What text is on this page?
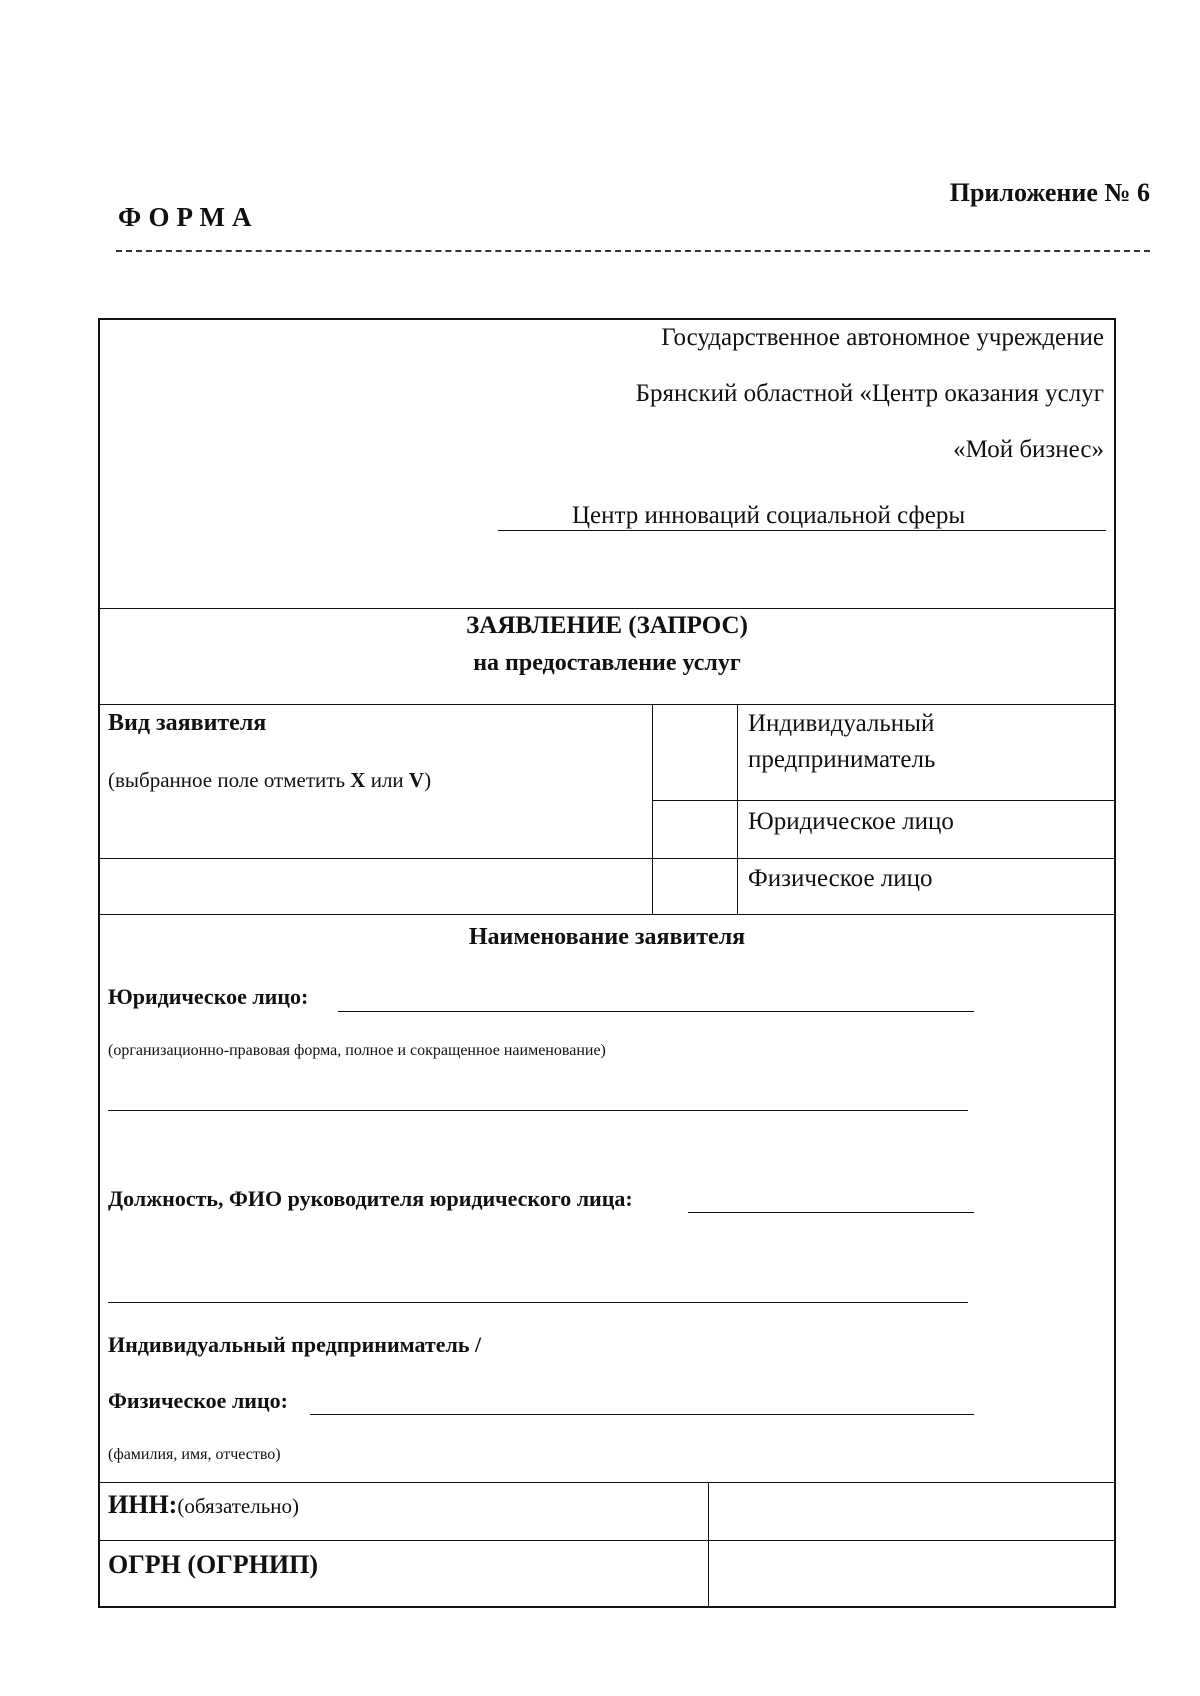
ФОРМА
Приложение № 6
Государственное автономное учреждение
Брянский областной «Центр оказания услуг
«Мой бизнес»
Центр инноваций социальной сферы
ЗАЯВЛЕНИЕ (ЗАПРОС)
на предоставление услуг
Вид заявителя
(выбранное поле отметить X или V)
Индивидуальный
предприниматель
Юридическое лицо
Физическое лицо
Наименование заявителя
Юридическое лицо:
(организационно-правовая форма, полное и сокращенное наименование)
Должность, ФИО руководителя юридического лица:
Индивидуальный предприниматель /
Физическое лицо:
(фамилия, имя, отчество)
ИНН:(обязательно)
ОГРН (ОГРНИП)
